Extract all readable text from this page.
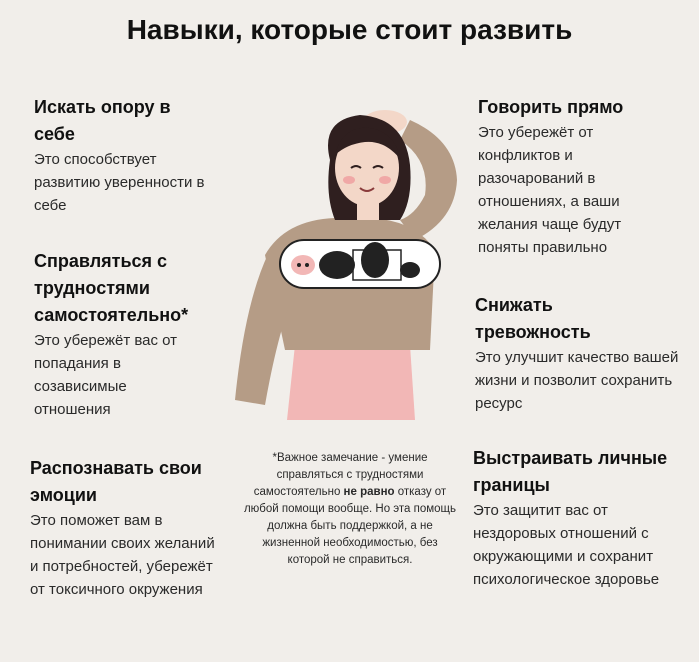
Навыки, которые стоит развить
Искать опору в себе
Это способствует развитию уверенности в себе
Справляться с трудностями самостоятельно*
Это убережёт вас от попадания в созависимые отношения
Распознавать свои эмоции
Это поможет вам в понимании своих желаний и потребностей, убережёт от токсичного окружения
Говорить прямо
Это убережёт от конфликтов и разочарований в отношениях, а ваши желания чаще будут поняты правильно
Снижать тревожность
Это улучшит качество вашей жизни и позволит сохранить ресурс
Выстраивать личные границы
Это защитит вас от нездоровых отношений с окружающими и сохранит психологическое здоровье
*Важное замечание - умение справляться с трудностями самостоятельно не равно отказу от любой помощи вообще. Но эта помощь должна быть поддержкой, а не жизненной необходимостью, без которой не справиться.
